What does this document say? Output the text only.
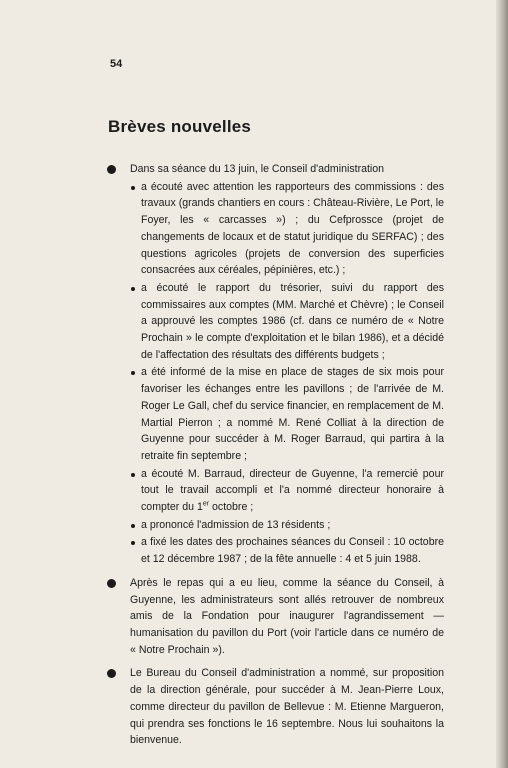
54
Brèves nouvelles
Dans sa séance du 13 juin, le Conseil d'administration
a écouté avec attention les rapporteurs des commissions : des travaux (grands chantiers en cours : Château-Rivière, Le Port, le Foyer, les « carcasses ») ; du Cefprossce (projet de changements de locaux et de statut juridique du SERFAC) ; des questions agricoles (projets de conversion des superficies consacrées aux céréales, pépinières, etc.) ;
a écouté le rapport du trésorier, suivi du rapport des commissaires aux comptes (MM. Marché et Chèvre) ; le Conseil a approuvé les comptes 1986 (cf. dans ce numéro de « Notre Prochain » le compte d'exploitation et le bilan 1986), et a décidé de l'affectation des résultats des différents budgets ;
a été informé de la mise en place de stages de six mois pour favoriser les échanges entre les pavillons ; de l'arrivée de M. Roger Le Gall, chef du service financier, en remplacement de M. Martial Pierron ; a nommé M. René Colliat à la direction de Guyenne pour succéder à M. Roger Barraud, qui partira à la retraite fin septembre ;
a écouté M. Barraud, directeur de Guyenne, l'a remercié pour tout le travail accompli et l'a nommé directeur honoraire à compter du 1er octobre ;
a prononcé l'admission de 13 résidents ;
a fixé les dates des prochaines séances du Conseil : 10 octobre et 12 décembre 1987 ; de la fête annuelle : 4 et 5 juin 1988.
Après le repas qui a eu lieu, comme la séance du Conseil, à Guyenne, les administrateurs sont allés retrouver de nombreux amis de la Fondation pour inaugurer l'agrandissement — humanisation du pavillon du Port (voir l'article dans ce numéro de « Notre Prochain »).
Le Bureau du Conseil d'administration a nommé, sur proposition de la direction générale, pour succéder à M. Jean-Pierre Loux, comme directeur du pavillon de Bellevue : M. Etienne Margueron, qui prendra ses fonctions le 16 septembre. Nous lui souhaitons la bienvenue.
